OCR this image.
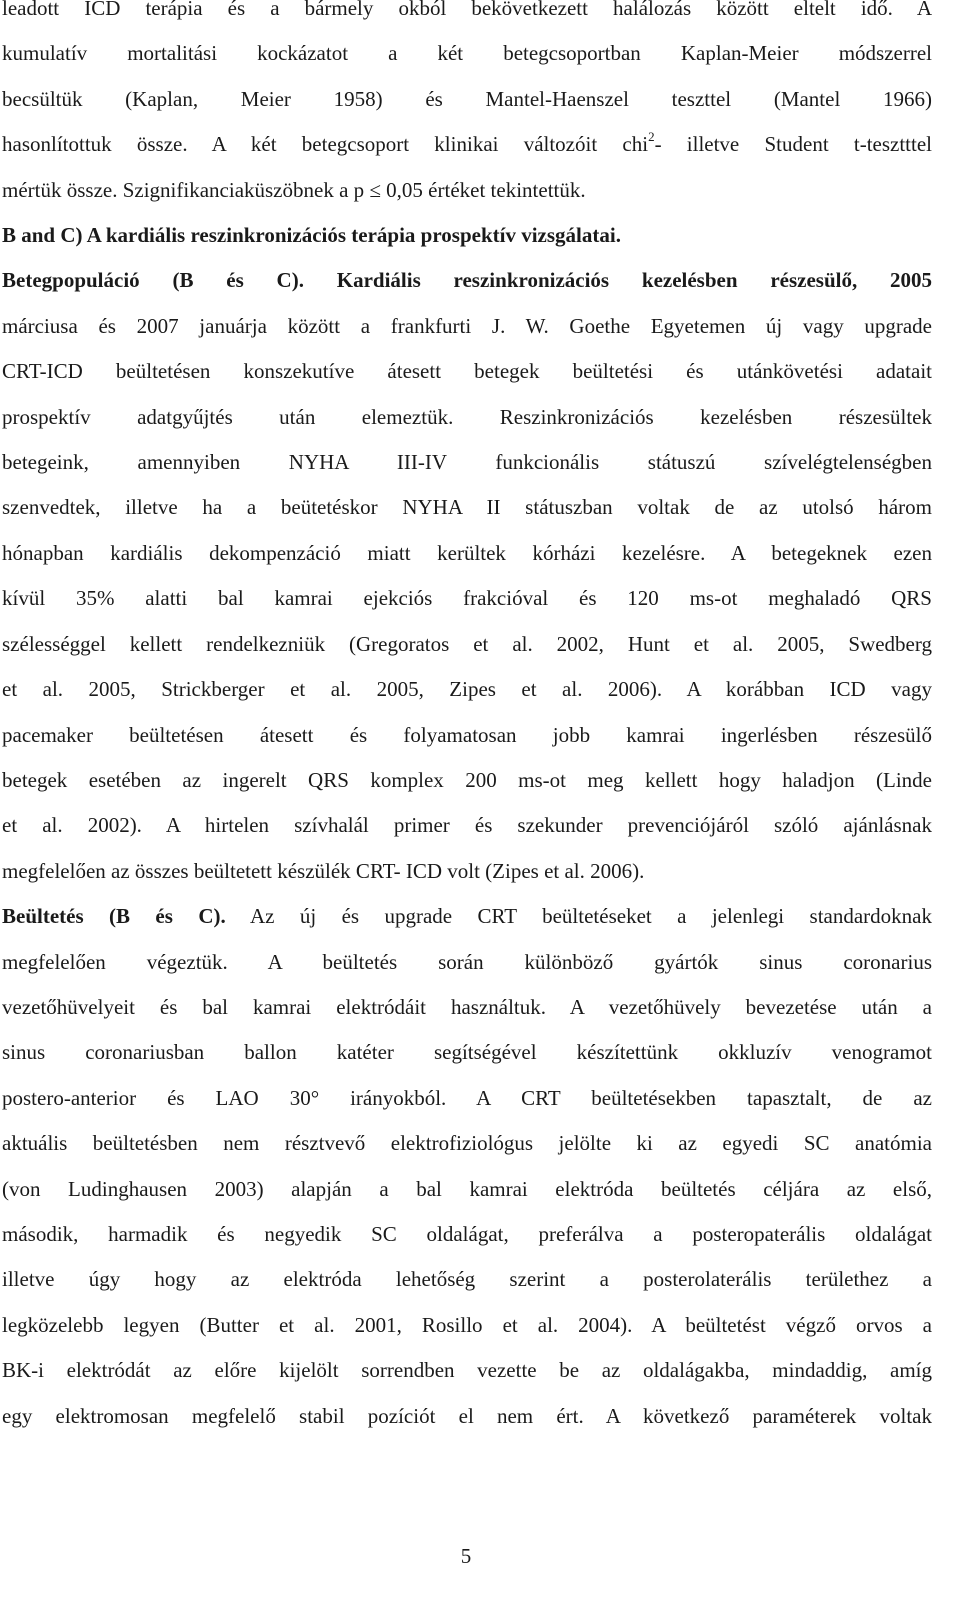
leadott ICD terápia és a bármely okból bekövetkezett halálozás között eltelt idő. A
kumulatív mortalitási kockázatot a két betegcsoportban Kaplan-Meier módszerrel
becsültük (Kaplan, Meier 1958) és Mantel-Haenszel teszttel (Mantel 1966)
hasonlítottuk össze. A két betegcsoport klinikai változóit chi$^2$- illetve Student t-tesztttel
mértük össze. Szignifikanciaküszöbnek a p ≤ 0,05 értéket tekintettük.
B and C) A kardiális reszinkronizációs terápia prospektív vizsgálatai.
Betegpopuláció (B és C). Kardiális reszinkronizációs kezelésben részesülő, 2005
márciusa és 2007 januárja között a frankfurti J. W. Goethe Egyetemen új vagy upgrade
CRT-ICD beültetésen konszekutíve átesett betegek beültetési és utánkövetési adatait
prospektív adatgyűjtés után elemeztük. Reszinkronizációs kezelésben részesültek
betegeink, amennyiben NYHA III-IV funkcionális státuszú szívelégtelenségben
szenvedtek, illetve ha a beütetéskor NYHA II státuszban voltak de az utolsó három
hónapban kardiális dekompenzáció miatt kerültek kórházi kezelésre. A betegeknek ezen
kívül 35% alatti bal kamrai ejekciós frakcióval és 120 ms-ot meghaladó QRS
szélességgel kellett rendelkezniük (Gregoratos et al. 2002, Hunt et al. 2005, Swedberg
et al. 2005, Strickberger et al. 2005, Zipes et al. 2006). A korábban ICD vagy
pacemaker beültetésen átesett és folyamatosan jobb kamrai ingerlésben részesülő
betegek esetében az ingerelt QRS komplex 200 ms-ot meg kellett hogy haladjon (Linde
et al. 2002). A hirtelen szívhalál primer és szekunder prevenciójáról szóló ajánlásnak
megfelelően az összes beültetett készülék CRT- ICD volt (Zipes et al. 2006).
Beültetés (B és C). Az új és upgrade CRT beültetéseket a jelenlegi standardoknak
megfelelően végeztük. A beültetés során különböző gyártók sinus coronarius
vezetőhüvelyeit és bal kamrai elektródáit használtuk. A vezetőhüvely bevezetése után a
sinus coronariusban ballon katéter segítségével készítettünk okkluzív venogramot
postero-anterior és LAO 30° irányokból. A CRT beültetésekben tapasztalt, de az
aktuális beültetésben nem résztvevő elektrofiziológus jelölte ki az egyedi SC anatómia
(von Ludinghausen 2003) alapján a bal kamrai elektróda beültetés céljára az első,
második, harmadik és negyedik SC oldalágat, preferálva a posteropaterális oldalágat
illetve úgy hogy az elektróda lehetőség szerint a posterolaterális területhez a
legközelebb legyen (Butter et al. 2001, Rosillo et al. 2004). A beültetést végző orvos a
BK-i elektródát az előre kijelölt sorrendben vezette be az oldalágakba, mindaddig, amíg
egy elektromosan megfelelő stabil pozíciót el nem ért. A következő paraméterek voltak
5
